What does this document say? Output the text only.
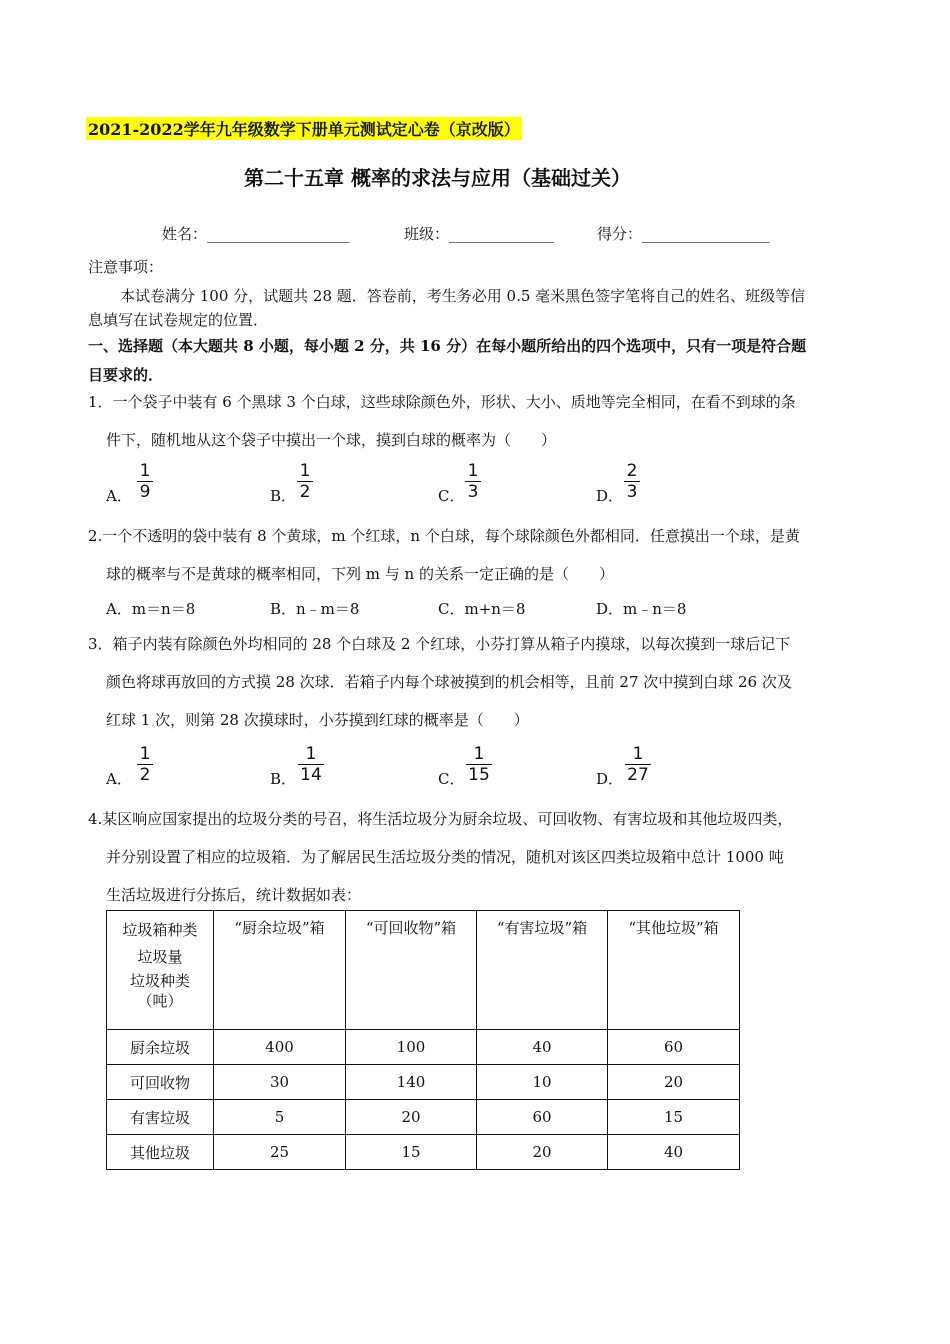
2021-2022学年九年级数学下册单元测试定心卷（京改版）
第二十五章 概率的求法与应用（基础过关）
姓名：___________________	班级：______________	得分：_________________
注意事项：
本试卷满分 100 分，试题共 28 题．答卷前，考生务必用 0.5 毫米黑色签字笔将自己的姓名、班级等信
息填写在试卷规定的位置．
一、选择题（本大题共 8 小题，每小题 2 分，共 16 分）在每小题所给出的四个选项中，只有一项是符合题
目要求的．
1．一个袋子中装有 6 个黑球 3 个白球，这些球除颜色外，形状、大小、质地等完全相同，在看不到球的条
件下，随机地从这个袋子中摸出一个球，摸到白球的概率为（　　）
A．
1
9	B．
1
2	C．
1
3	D．
2
3
2.一个不透明的袋中装有 8 个黄球，m 个红球，n 个白球，每个球除颜色外都相同．任意摸出一个球，是黄
球的概率与不是黄球的概率相同，下列 m 与 n 的关系一定正确的是（　　）
A．m＝n＝8	B．n﹣m＝8	C．m+n＝8	D．m﹣n＝8
3．箱子内装有除颜色外均相同的 28 个白球及 2 个红球，小芬打算从箱子内摸球，以每次摸到一球后记下
颜色将球再放回的方式摸 28 次球．若箱子内每个球被摸到的机会相等，且前 27 次中摸到白球 26 次及
红球 1 次，则第 28 次摸球时，小芬摸到红球的概率是（　　）
A．
1
2	B．
1
14	C．
1
15	D．
1
27
4.某区响应国家提出的垃圾分类的号召，将生活垃圾分为厨余垃圾、可回收物、有害垃圾和其他垃圾四类，
并分别设置了相应的垃圾箱．为了解居民生活垃圾分类的情况，随机对该区四类垃圾箱中总计 1000 吨
生活垃圾进行分拣后，统计数据如表：
垃圾箱种类
垃圾量
垃圾种类
（吨）	“厨余垃圾”箱	“可回收物”箱	“有害垃圾”箱	“其他垃圾”箱
厨余垃圾	400	100	40	60
可回收物	30	140	10	20
有害垃圾	5	20	60	15
其他垃圾	25	15	20	40
